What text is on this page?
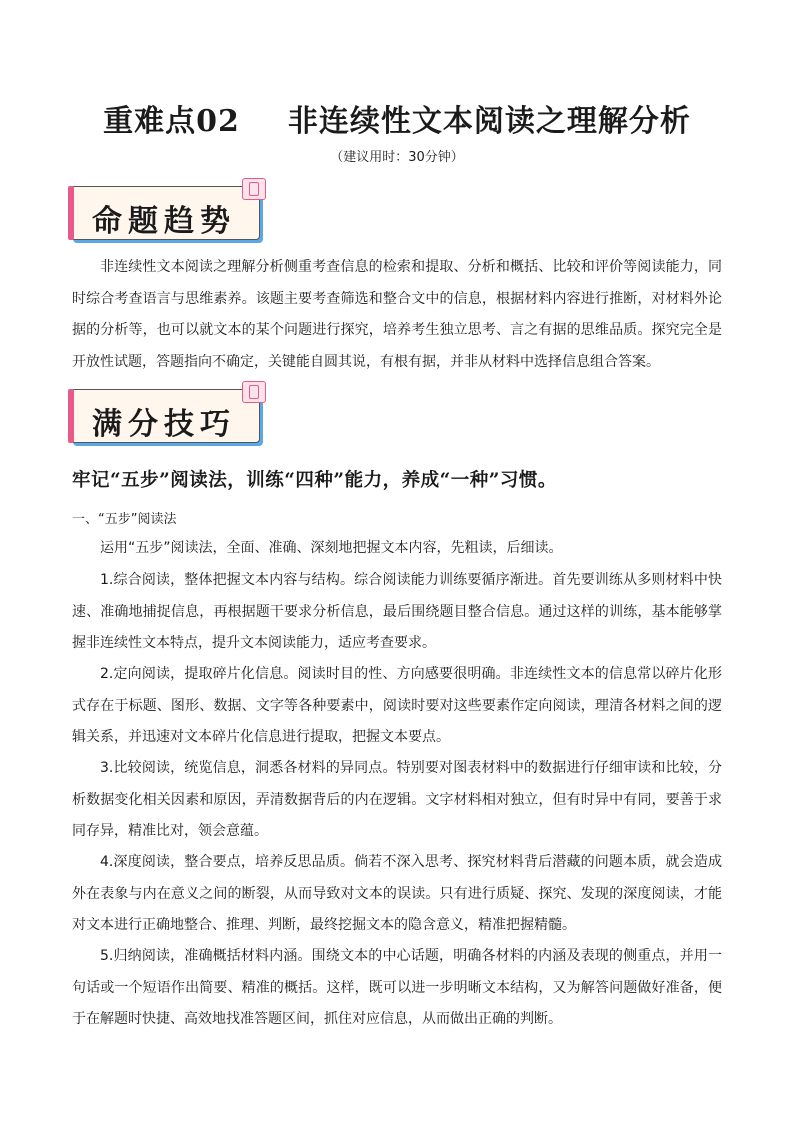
重难点02 非连续性文本阅读之理解分析
（建议用时：30分钟）
命题趋势

非连续性文本阅读之理解分析侧重考查信息的检索和提取、分析和概括、比较和评价等阅读能力，同时综合考查语言与思维素养。该题主要考查筛选和整合文中的信息，根据材料内容进行推断，对材料外论据的分析等，也可以就文本的某个问题进行探究，培养考生独立思考、言之有据的思维品质。探究完全是开放性试题，答题指向不确定，关键能自圆其说，有根有据，并非从材料中选择信息组合答案。

满分技巧
牢记“五步”阅读法，训练“四种”能力，养成“一种”习惯。
一、“五步”阅读法

运用“五步”阅读法，全面、准确、深刻地把握文本内容，先粗读，后细读。

1.综合阅读，整体把握文本内容与结构。综合阅读能力训练要循序渐进。首先要训练从多则材料中快速、准确地捕捉信息，再根据题干要求分析信息，最后围绕题目整合信息。通过这样的训练，基本能够掌握非连续性文本特点，提升文本阅读能力，适应考查要求。

2.定向阅读，提取碎片化信息。阅读时目的性、方向感要很明确。非连续性文本的信息常以碎片化形式存在于标题、图形、数据、文字等各种要素中，阅读时要对这些要素作定向阅读，理清各材料之间的逻辑关系，并迅速对文本碎片化信息进行提取，把握文本要点。

3.比较阅读，统览信息，洞悉各材料的异同点。特别要对图表材料中的数据进行仔细审读和比较，分析数据变化相关因素和原因，弄清数据背后的内在逻辑。文字材料相对独立，但有时异中有同，要善于求同存异，精准比对，领会意蕴。

4.深度阅读，整合要点，培养反思品质。倘若不深入思考、探究材料背后潜藏的问题本质，就会造成外在表象与内在意义之间的断裂，从而导致对文本的误读。只有进行质疑、探究、发现的深度阅读，才能对文本进行正确地整合、推理、判断，最终挖掘文本的隐含意义，精准把握精髓。

5.归纳阅读，准确概括材料内涵。围绕文本的中心话题，明确各材料的内涵及表现的侧重点，并用一句话或一个短语作出简要、精准的概括。这样，既可以进一步明晰文本结构，又为解答问题做好准备，便于在解题时快捷、高效地找准答题区间，抓住对应信息，从而做出正确的判断。
